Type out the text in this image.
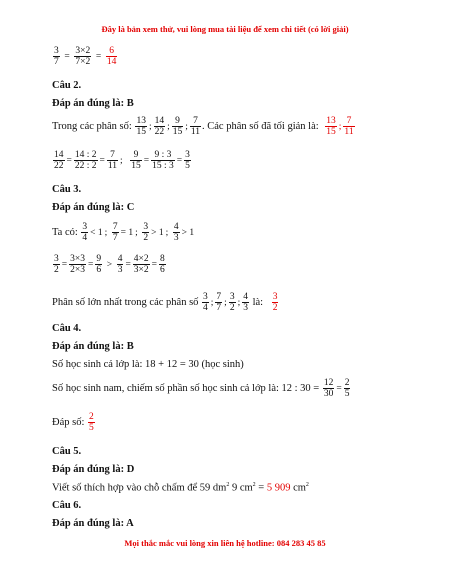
Đây là bản xem thử, vui lòng mua tài liệu để xem chi tiết (có lời giải)
$\frac{3}{7} = \frac{3\times 2}{7\times 2} = \frac{6}{14}$
Câu 2.
Đáp án đúng là: B
Trong các phân số: $\frac{13}{15}$ ; $\frac{14}{22}$ ; $\frac{9}{15}$ ; $\frac{7}{11}$ . Các phân số đã tối giản là: $\frac{13}{15}$ ; $\frac{7}{11}$
$\frac{14}{22} = \frac{14 : 2}{22 : 2} = \frac{7}{11}$ ; $\frac{9}{15} = \frac{9 : 3}{15 : 3} = \frac{3}{5}$
Câu 3.
Đáp án đúng là: C
Ta có: $\frac{3}{4} < 1$ ; $\frac{7}{7} = 1$ ; $\frac{3}{2} > 1$ ; $\frac{4}{3} > 1$
$\frac{3}{2} = \frac{3\times 3}{2\times 3} = \frac{9}{6} > \frac{4}{3} = \frac{4\times 2}{3\times 2} = \frac{8}{6}$
Phân số lớn nhất trong các phân số $\frac{3}{4}$ ; $\frac{7}{7}$ ; $\frac{3}{2}$ ; $\frac{4}{3}$ là: $\frac{3}{2}$
Câu 4.
Đáp án đúng là: B
Số học sinh cả lớp là: 18 + 12 = 30 (học sinh)
Số học sinh nam, chiếm số phần số học sinh cả lớp là: 12 : $30 = \frac{12}{30} = \frac{2}{5}$
Đáp số: $\frac{2}{5}$
Câu 5.
Đáp án đúng là: D
Viết số thích hợp vào chỗ chấm để 59 $dm^2$ 9 $cm^2 = 5$ 909 $cm^2$
Câu 6.
Đáp án đúng là: A
Mọi thắc mắc vui lòng xin liên hệ hotline: 084 283 45 85
